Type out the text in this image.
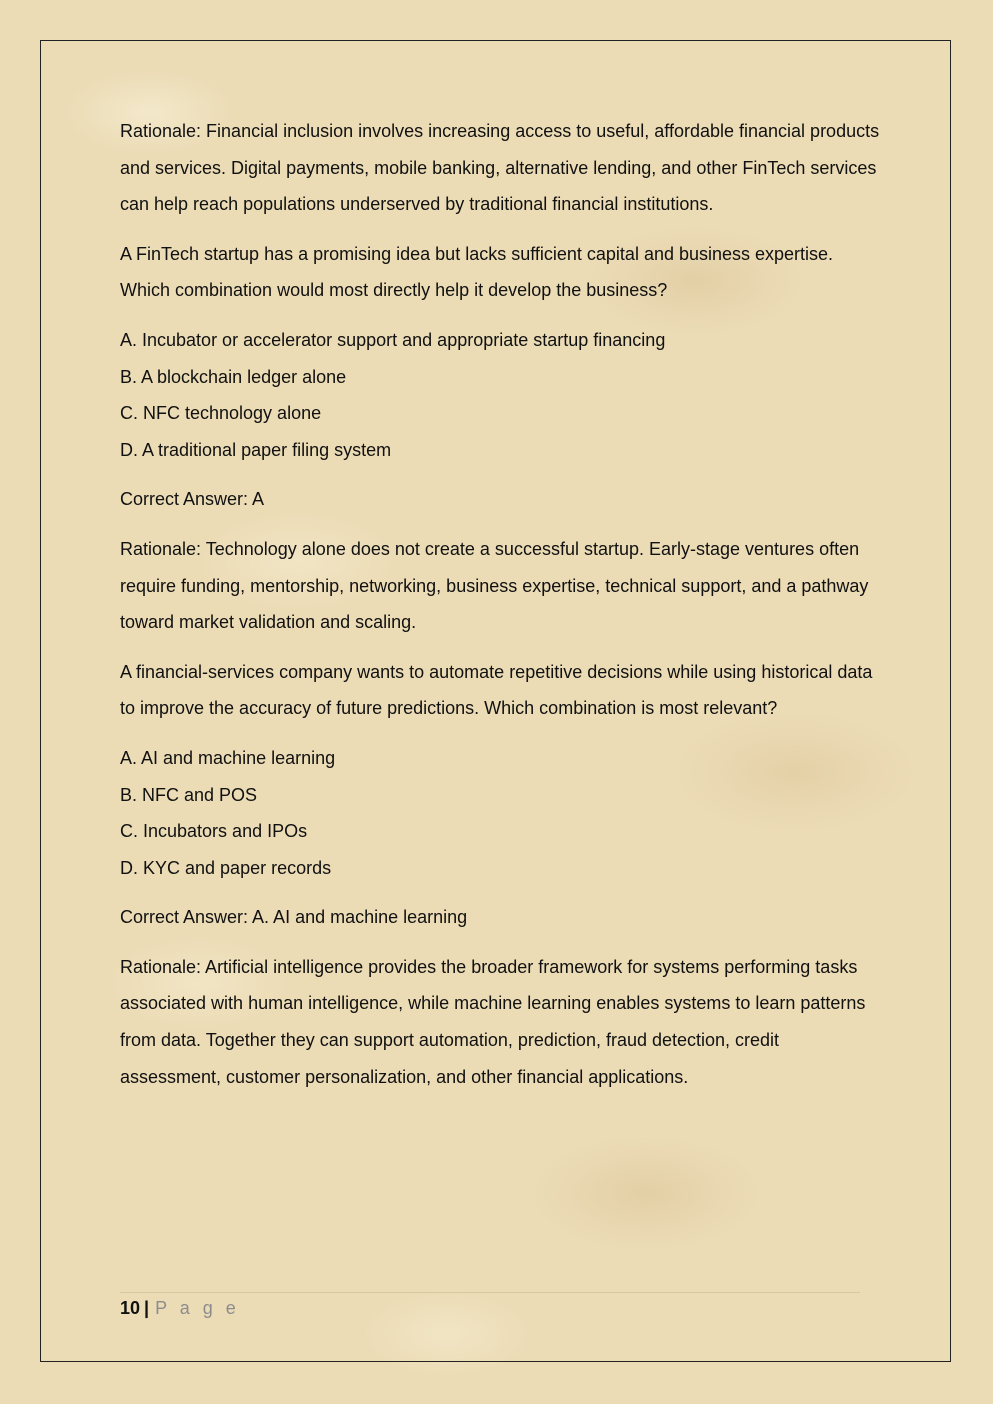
Rationale: Financial inclusion involves increasing access to useful, affordable financial products and services. Digital payments, mobile banking, alternative lending, and other FinTech services can help reach populations underserved by traditional financial institutions.

A FinTech startup has a promising idea but lacks sufficient capital and business expertise. Which combination would most directly help it develop the business?

A. Incubator or accelerator support and appropriate startup financing

B. A blockchain ledger alone

C. NFC technology alone

D. A traditional paper filing system

Correct Answer: A

Rationale: Technology alone does not create a successful startup. Early-stage ventures often require funding, mentorship, networking, business expertise, technical support, and a pathway toward market validation and scaling.

A financial-services company wants to automate repetitive decisions while using historical data to improve the accuracy of future predictions. Which combination is most relevant?

A. AI and machine learning

B. NFC and POS

C. Incubators and IPOs

D. KYC and paper records

Correct Answer: A. AI and machine learning

Rationale: Artificial intelligence provides the broader framework for systems performing tasks associated with human intelligence, while machine learning enables systems to learn patterns from data. Together they can support automation, prediction, fraud detection, credit assessment, customer personalization, and other financial applications.

10 | P a g e
